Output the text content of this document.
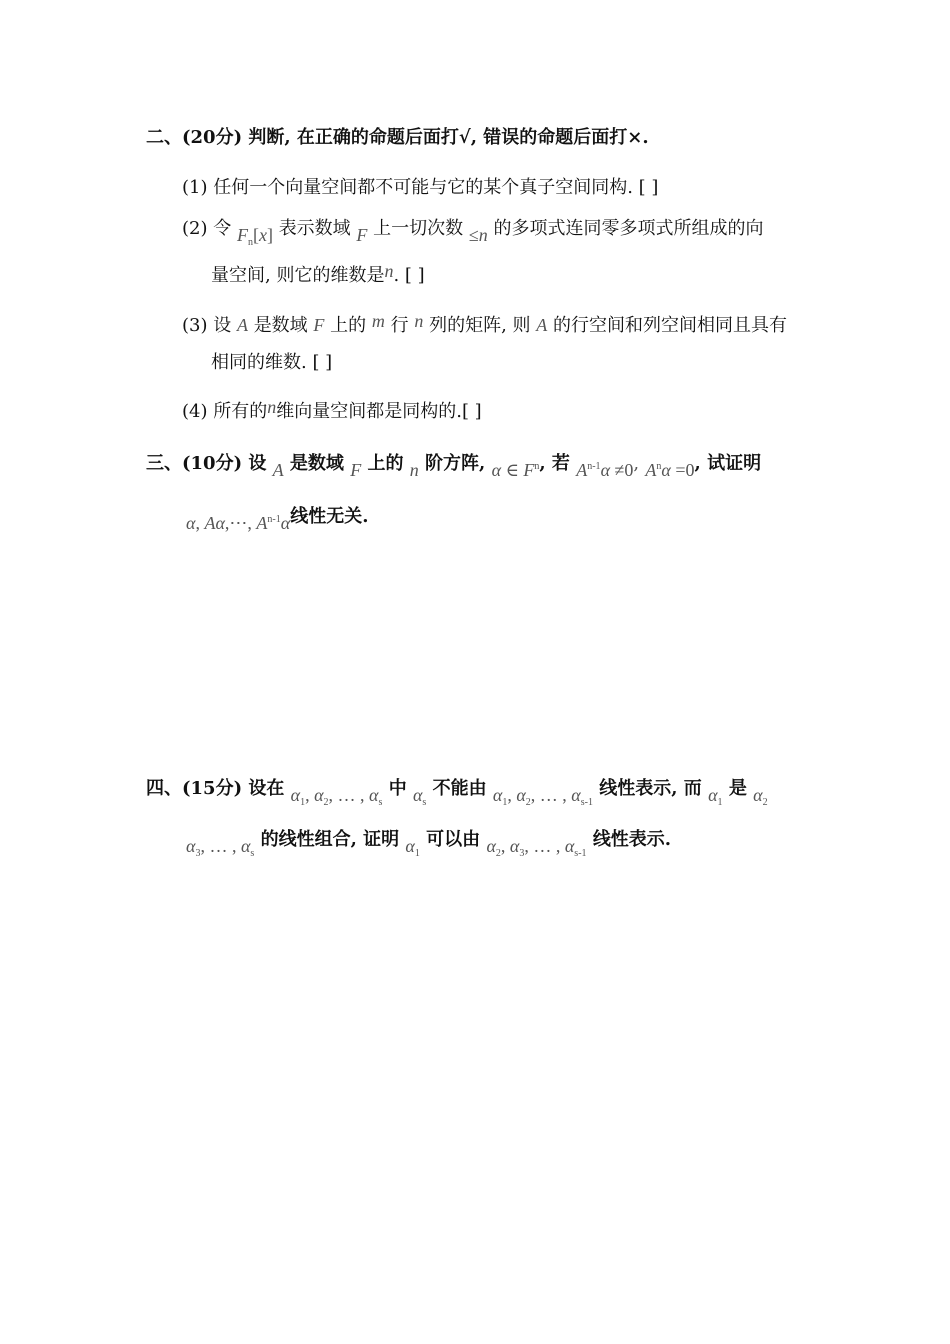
二、(20分) 判断, 在正确的命题后面打√, 错误的命题后面打×.
(1) 任何一个向量空间都不可能与它的某个真子空间同构. [ ]
(2) 令 $F_n[x]$ 表示数域 F 上一切次数 ≤n 的多项式连同零多项式所组成的向
量空间, 则它的维数是n. [ ]
(3) 设 A 是数域 F 上的 m 行 n 列的矩阵, 则 A 的行空间和列空间相同且具有
相同的维数. [ ]
(4) 所有的n维向量空间都是同构的.[ ]
三、(10分) 设 A 是数域 F 上的 n 阶方阵, α ∈ $F^n$, 若 $A^{n-1}\alpha \ne 0$, $A^n\alpha =0$, 试证明
α, Aα,⋯, $A^{n-1}\alpha$线性无关.
四、(15分) 设在 $\alpha_1$, $\alpha_2$, … , $\alpha_s$ 中 $\alpha_s$ 不能由 $\alpha_1$, $\alpha_2$, … , $\alpha_{s-1}$ 线性表示, 而 $\alpha_1$ 是 $\alpha_2$
$\alpha_3$, … , $\alpha_s$ 的线性组合, 证明 $\alpha_1$ 可以由 $\alpha_2$, $\alpha_3$, … , $\alpha_{s-1}$ 线性表示.
